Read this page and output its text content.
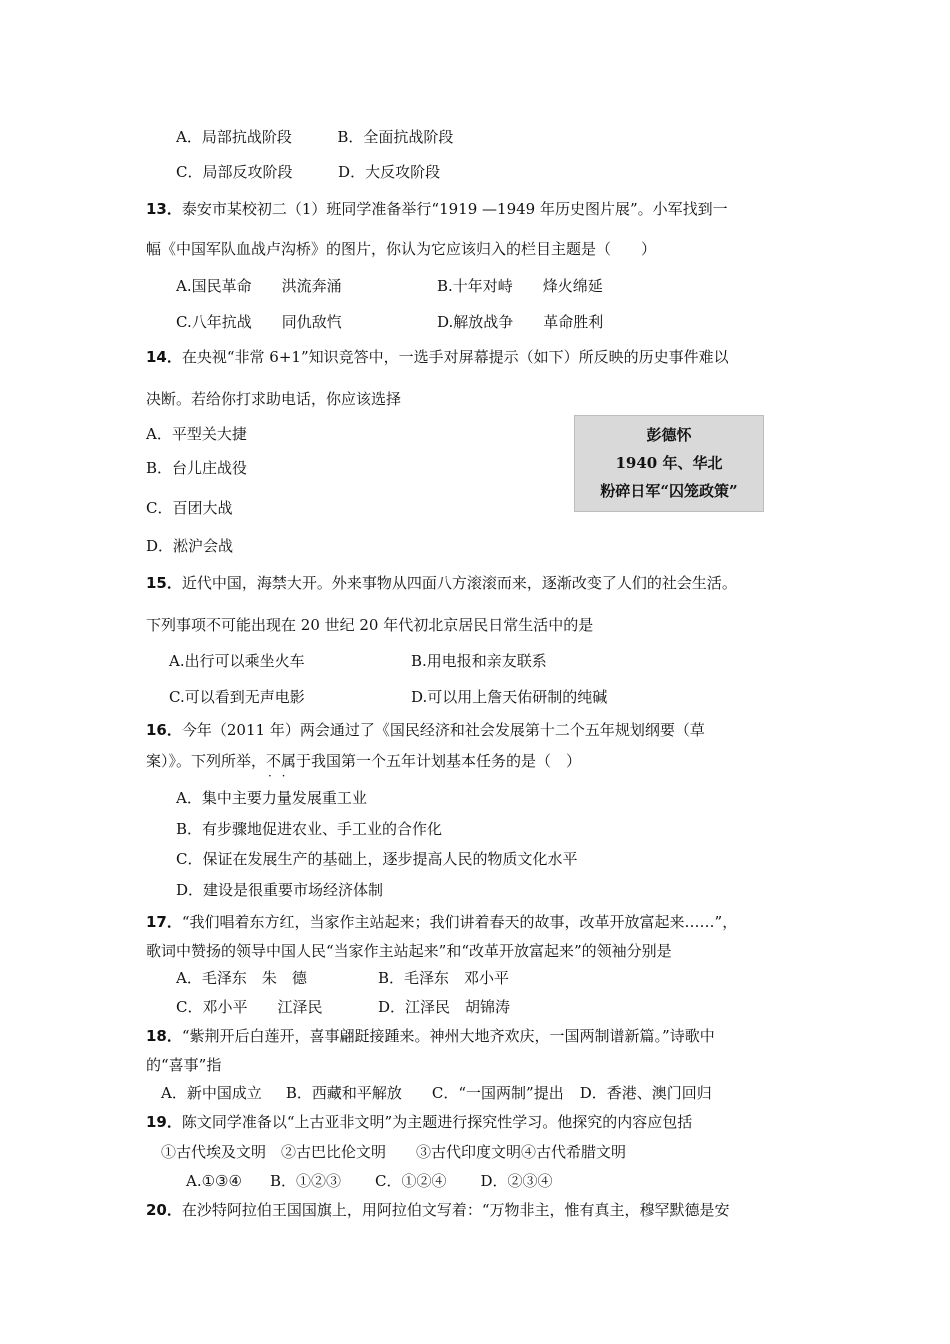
A．局部抗战阶段	B．全面抗战阶段
C．局部反攻阶段	D．大反攻阶段
13．泰安市某校初二（1）班同学准备举行“1919 —1949 年历史图片展”。小军找到一
幅《中国军队血战卢沟桥》的图片，你认为它应该归入的栏目主题是（　　）
A.国民革命　　洪流奔涌	B.十年对峙　　烽火绵延
C.八年抗战　　同仇敌忾	D.解放战争　　革命胜利
14．在央视“非常 6+1”知识竞答中，一选手对屏幕提示（如下）所反映的历史事件难以
决断。若给你打求助电话，你应该选择
A．平型关大捷
B．台儿庄战役
C．百团大战
D．淞沪会战
彭德怀
1940 年、华北
粉碎日军“囚笼政策”
15．近代中国，海禁大开。外来事物从四面八方滚滚而来，逐渐改变了人们的社会生活。
下列事项不可能出现在 20 世纪 20 年代初北京居民日常生活中的是
A.出行可以乘坐火车	B.用电报和亲友联系
C.可以看到无声电影	D.可以用上詹天佑研制的纯碱
16．今年（2011 年）两会通过了《国民经济和社会发展第十二个五年规划纲要（草
案）》。下列所举，不属于 · ·我国第一个五年计划基本任务的是（　）
A．集中主要力量发展重工业
B．有步骤地促进农业、手工业的合作化
C．保证在发展生产的基础上，逐步提高人民的物质文化水平
D．建设是很重要市场经济体制
17．“我们唱着东方红，当家作主站起来；我们讲着春天的故事，改革开放富起来……”，
歌词中赞扬的领导中国人民“当家作主站起来”和“改革开放富起来”的领袖分别是
A．毛泽东　朱　德	B．毛泽东　邓小平
C．邓小平　　江泽民	D．江泽民　胡锦涛
18．“紫荆开后白莲开，喜事翩跹接踵来。神州大地齐欢庆，一国两制谱新篇。”诗歌中
的“喜事”指
A．新中国成立 B．西藏和平解放 C．“一国两制”提出 D．香港、澳门回归
19．陈文同学准备以“上古亚非文明”为主题进行探究性学习。他探究的内容应包括
①古代埃及文明　②古巴比伦文明　　③古代印度文明④古代希腊文明
A.①③④ B．①②③ C．①②④ D．②③④
20．在沙特阿拉伯王国国旗上，用阿拉伯文写着：“万物非主，惟有真主，穆罕默德是安
